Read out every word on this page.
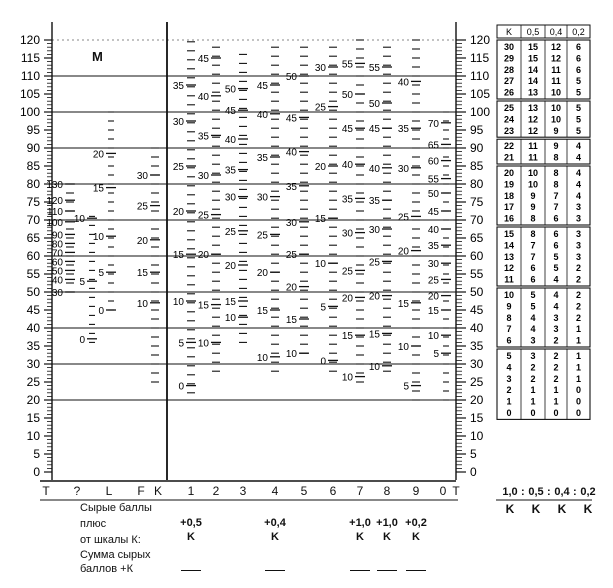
120
115
110
105
100
95
90
85
80
75
70
65
60
55
50
45
40
35
30
25
20
15
10
5
0
120
115
110
105
100
95
90
85
80
75
70
65
60
55
50
45
40
35
30
25
20
15
10
5
0
130
120
110
100
90
80
70
60
50
40
30
10
5
0
20
15
10
5
0
30
25
20
15
10
35
30
25
20
15
10
5
0
45
40
35
30
25
20
15
10
50
45
40
35
30
25
20
15
10
45
40
35
30
25
20
15
10
50
45
40
35
30
25
20
15
10
30
25
20
15
10
5
0
55
50
45
40
35
30
25
20
15
10
55
50
45
40
35
30
25
20
15
10
40
35
30
25
20
15
10
5
70
65
60
55
50
45
40
35
30
25
20
15
10
5
K 0,5 0,4 0,2
30 15 12 6
29 15 12 6
28 14 11 6
27 14 11 5
26 13 10 5
25 13 10 5
24 12 10 5
23 12 9 5
22 11 9 4
21 11 8 4
20 10 8 4
19 10 8 4
18 9 7 4
17 9 7 3
16 8 6 3
15 8 6 3
14 7 6 3
13 7 5 3
12 6 5 2
11 6 4 2
10 5 4 2
9 5 4 2
8 4 3 2
7 4 3 1
6 3 2 1
5 3 2 1
4 2 2 1
3 2 2 1
2 1 1 0
1 1 1 0
0 0 0 0
M
T ? L F K 1 2 3 4 5 6 7 8 9 0 T	1,0
K
: 0,5
K
: 0,4
K
: 0,2
K
Сырые баллы
плюс
от шкалы К:
Сумма сырых
баллов +К
+0,5
K
+0,4
K
+1,0
K
+1,0
K
+0,2
K
